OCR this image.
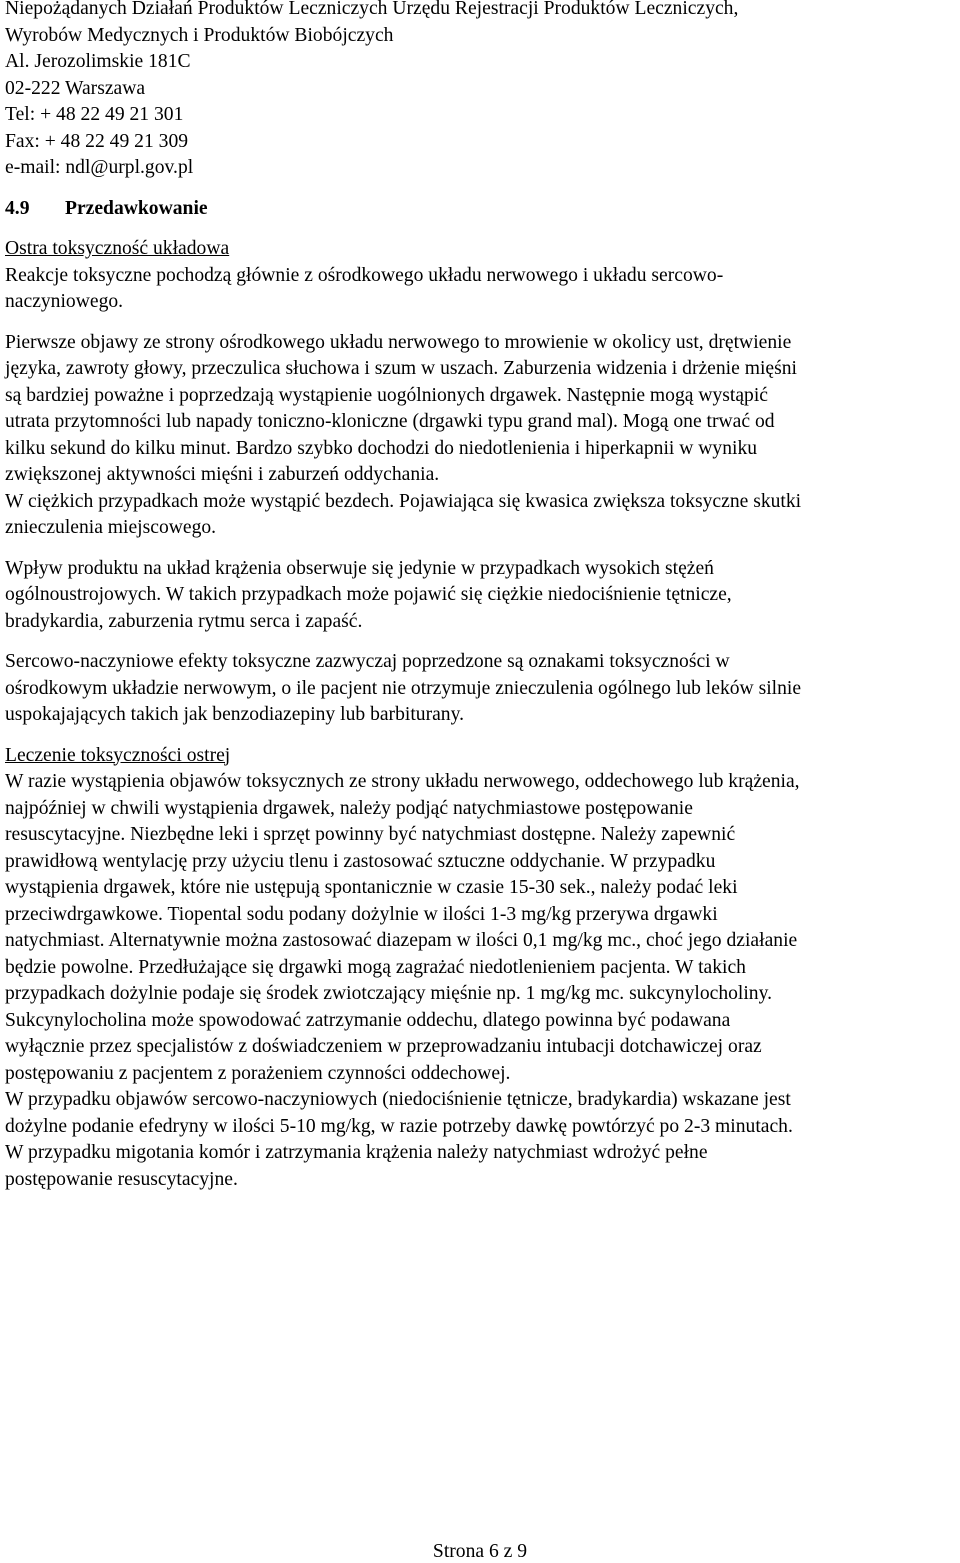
Niepożądanych Działań Produktów Leczniczych Urzędu Rejestracji Produktów Leczniczych,
Wyrobów Medycznych i Produktów Biobójczych
Al. Jerozolimskie 181C
02-222 Warszawa
Tel: + 48 22 49 21 301
Fax: + 48 22 49 21 309
e-mail: ndl@urpl.gov.pl
4.9	Przedawkowanie
Ostra toksyczność układowa
Reakcje toksyczne pochodzą głównie z ośrodkowego układu nerwowego i układu sercowo-
naczyniowego.
Pierwsze objawy ze strony ośrodkowego układu nerwowego to mrowienie w okolicy ust, drętwienie
języka, zawroty głowy, przeczulica słuchowa i szum w uszach. Zaburzenia widzenia i drżenie mięśni
są bardziej poważne i poprzedzają wystąpienie uogólnionych drgawek. Następnie mogą wystąpić
utrata przytomności lub napady toniczno-kloniczne (drgawki typu grand mal). Mogą one trwać od
kilku sekund do kilku minut. Bardzo szybko dochodzi do niedotlenienia i hiperkapnii w wyniku
zwiększonej aktywności mięśni i zaburzeń oddychania.
W ciężkich przypadkach może wystąpić bezdech. Pojawiająca się kwasica zwiększa toksyczne skutki
znieczulenia miejscowego.
Wpływ produktu na układ krążenia obserwuje się jedynie w przypadkach wysokich stężeń
ogólnoustrojowych. W takich przypadkach może pojawić się ciężkie niedociśnienie tętnicze,
bradykardia, zaburzenia rytmu serca i zapaść.
Sercowo-naczyniowe efekty toksyczne zazwyczaj poprzedzone są oznakami toksyczności w
ośrodkowym układzie nerwowym, o ile pacjent nie otrzymuje znieczulenia ogólnego lub leków silnie
uspokajających takich jak benzodiazepiny lub barbiturany.
Leczenie toksyczności ostrej
W razie wystąpienia objawów toksycznych ze strony układu nerwowego, oddechowego lub krążenia,
najpóźniej w chwili wystąpienia drgawek, należy podjąć natychmiastowe postępowanie
resuscytacyjne. Niezbędne leki i sprzęt powinny być natychmiast dostępne. Należy zapewnić
prawidłową wentylację przy użyciu tlenu i zastosować sztuczne oddychanie. W przypadku
wystąpienia drgawek, które nie ustępują spontanicznie w czasie 15-30 sek., należy podać leki
przeciwdrgawkowe. Tiopental sodu podany dożylnie w ilości 1-3 mg/kg przerywa drgawki
natychmiast. Alternatywnie można zastosować diazepam w ilości 0,1 mg/kg mc., choć jego działanie
będzie powolne. Przedłużające się drgawki mogą zagrażać niedotlenieniem pacjenta. W takich
przypadkach dożylnie podaje się środek zwiotczający mięśnie np. 1 mg/kg mc. sukcynylocholiny.
Sukcynylocholina może spowodować zatrzymanie oddechu, dlatego powinna być podawana
wyłącznie przez specjalistów z doświadczeniem w przeprowadzaniu intubacji dotchawiczej oraz
postępowaniu z pacjentem z porażeniem czynności oddechowej.
W przypadku objawów sercowo-naczyniowych (niedociśnienie tętnicze, bradykardia) wskazane jest
dożylne podanie efedryny w ilości 5-10 mg/kg, w razie potrzeby dawkę powtórzyć po 2-3 minutach.
W przypadku migotania komór i zatrzymania krążenia należy natychmiast wdrożyć pełne
postępowanie resuscytacyjne.
Strona 6 z 9
